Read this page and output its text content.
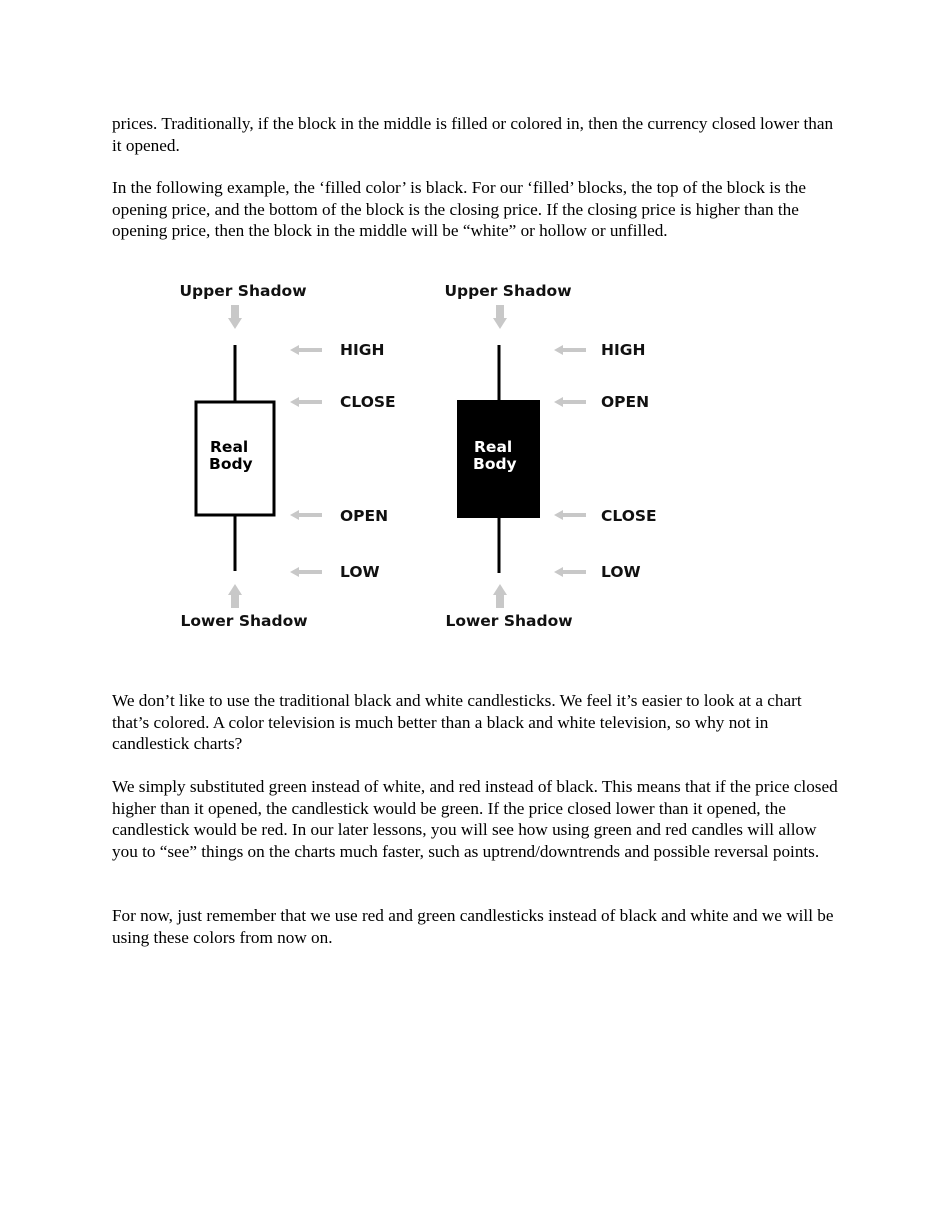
prices. Traditionally, if the block in the middle is filled or colored in, then the currency closed lower than it opened.

In the following example, the ‘filled color’ is black. For our ‘filled’ blocks, the top of the block is the opening price, and the bottom of the block is the closing price. If the closing price is higher than the opening price, then the block in the middle will be “white” or hollow or unfilled.

Upper Shadow
Real
Body
Lower Shadow
HIGH
CLOSE
OPEN
LOW
Upper Shadow
Real
Body
Lower Shadow
HIGH
OPEN
CLOSE
LOW

We don’t like to use the traditional black and white candlesticks. We feel it’s easier to look at a chart that’s colored. A color television is much better than a black and white television, so why not in candlestick charts?

We simply substituted green instead of white, and red instead of black. This means that if the price closed higher than it opened, the candlestick would be green. If the price closed lower than it opened, the candlestick would be red. In our later lessons, you will see how using green and red candles will allow you to “see” things on the charts much faster, such as uptrend/downtrends and possible reversal points.

For now, just remember that we use red and green candlesticks instead of black and white and we will be using these colors from now on.
